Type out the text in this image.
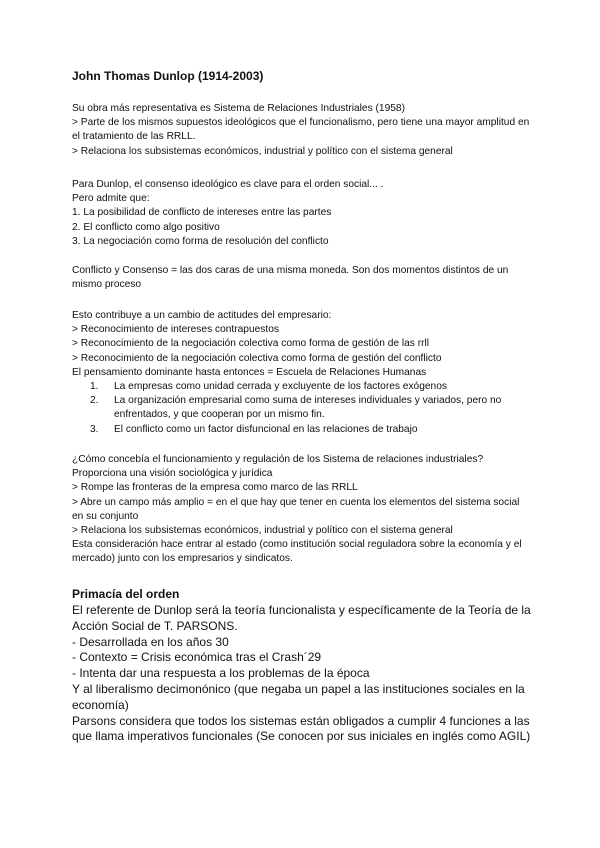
John Thomas Dunlop (1914-2003)
Su obra más representativa es Sistema de Relaciones Industriales (1958)
> Parte de los mismos supuestos ideológicos que el funcionalismo, pero tiene una mayor amplitud en el tratamiento de las RRLL.
> Relaciona los subsistemas económicos, industrial y político con el sistema general
Para Dunlop, el consenso ideológico es clave para el orden social... .
Pero admite que:
1. La posibilidad de conflicto de intereses entre las partes
2. El conflicto como algo positivo
3. La negociación como forma de resolución del conflicto
Conflicto y Consenso = las dos caras de una misma moneda. Son dos momentos distintos de un mismo proceso
Esto contribuye a un cambio de actitudes del empresario:
> Reconocimiento de intereses contrapuestos
> Reconocimiento de la negociación colectiva como forma de gestión de las rrll
> Reconocimiento de la negociación colectiva como forma de gestión del conflicto
El pensamiento dominante hasta entonces = Escuela de Relaciones Humanas
1. La empresas como unidad cerrada y excluyente de los factores exógenos
2.	La organización empresarial como suma de intereses individuales y variados, pero no enfrentados, y que cooperan por un mismo fin.
3. El conflicto como un factor disfuncional en las relaciones de trabajo
¿Cómo concebía el funcionamiento y regulación de los Sistema de relaciones industriales?
Proporciona una visión sociológica y jurídica
> Rompe las fronteras de la empresa como marco de las RRLL
> Abre un campo más amplio = en el que hay que tener en cuenta los elementos del sistema social en su conjunto
> Relaciona los subsistemas económicos, industrial y político con el sistema general
Esta consideración hace entrar al estado (como institución social reguladora sobre la economía y el mercado) junto con los empresarios y sindicatos.
Primacía del orden
El referente de Dunlop será la teoría funcionalista y específicamente de la Teoría de la Acción Social de T. PARSONS.
- Desarrollada en los años 30
- Contexto = Crisis económica tras el Crash´29
- Intenta dar una respuesta a los problemas de la época
Y al liberalismo decimonónico (que negaba un papel a las instituciones sociales en la economía)
Parsons considera que todos los sistemas están obligados a cumplir 4 funciones a las que llama imperativos funcionales (Se conocen por sus iniciales en inglés como AGIL)
